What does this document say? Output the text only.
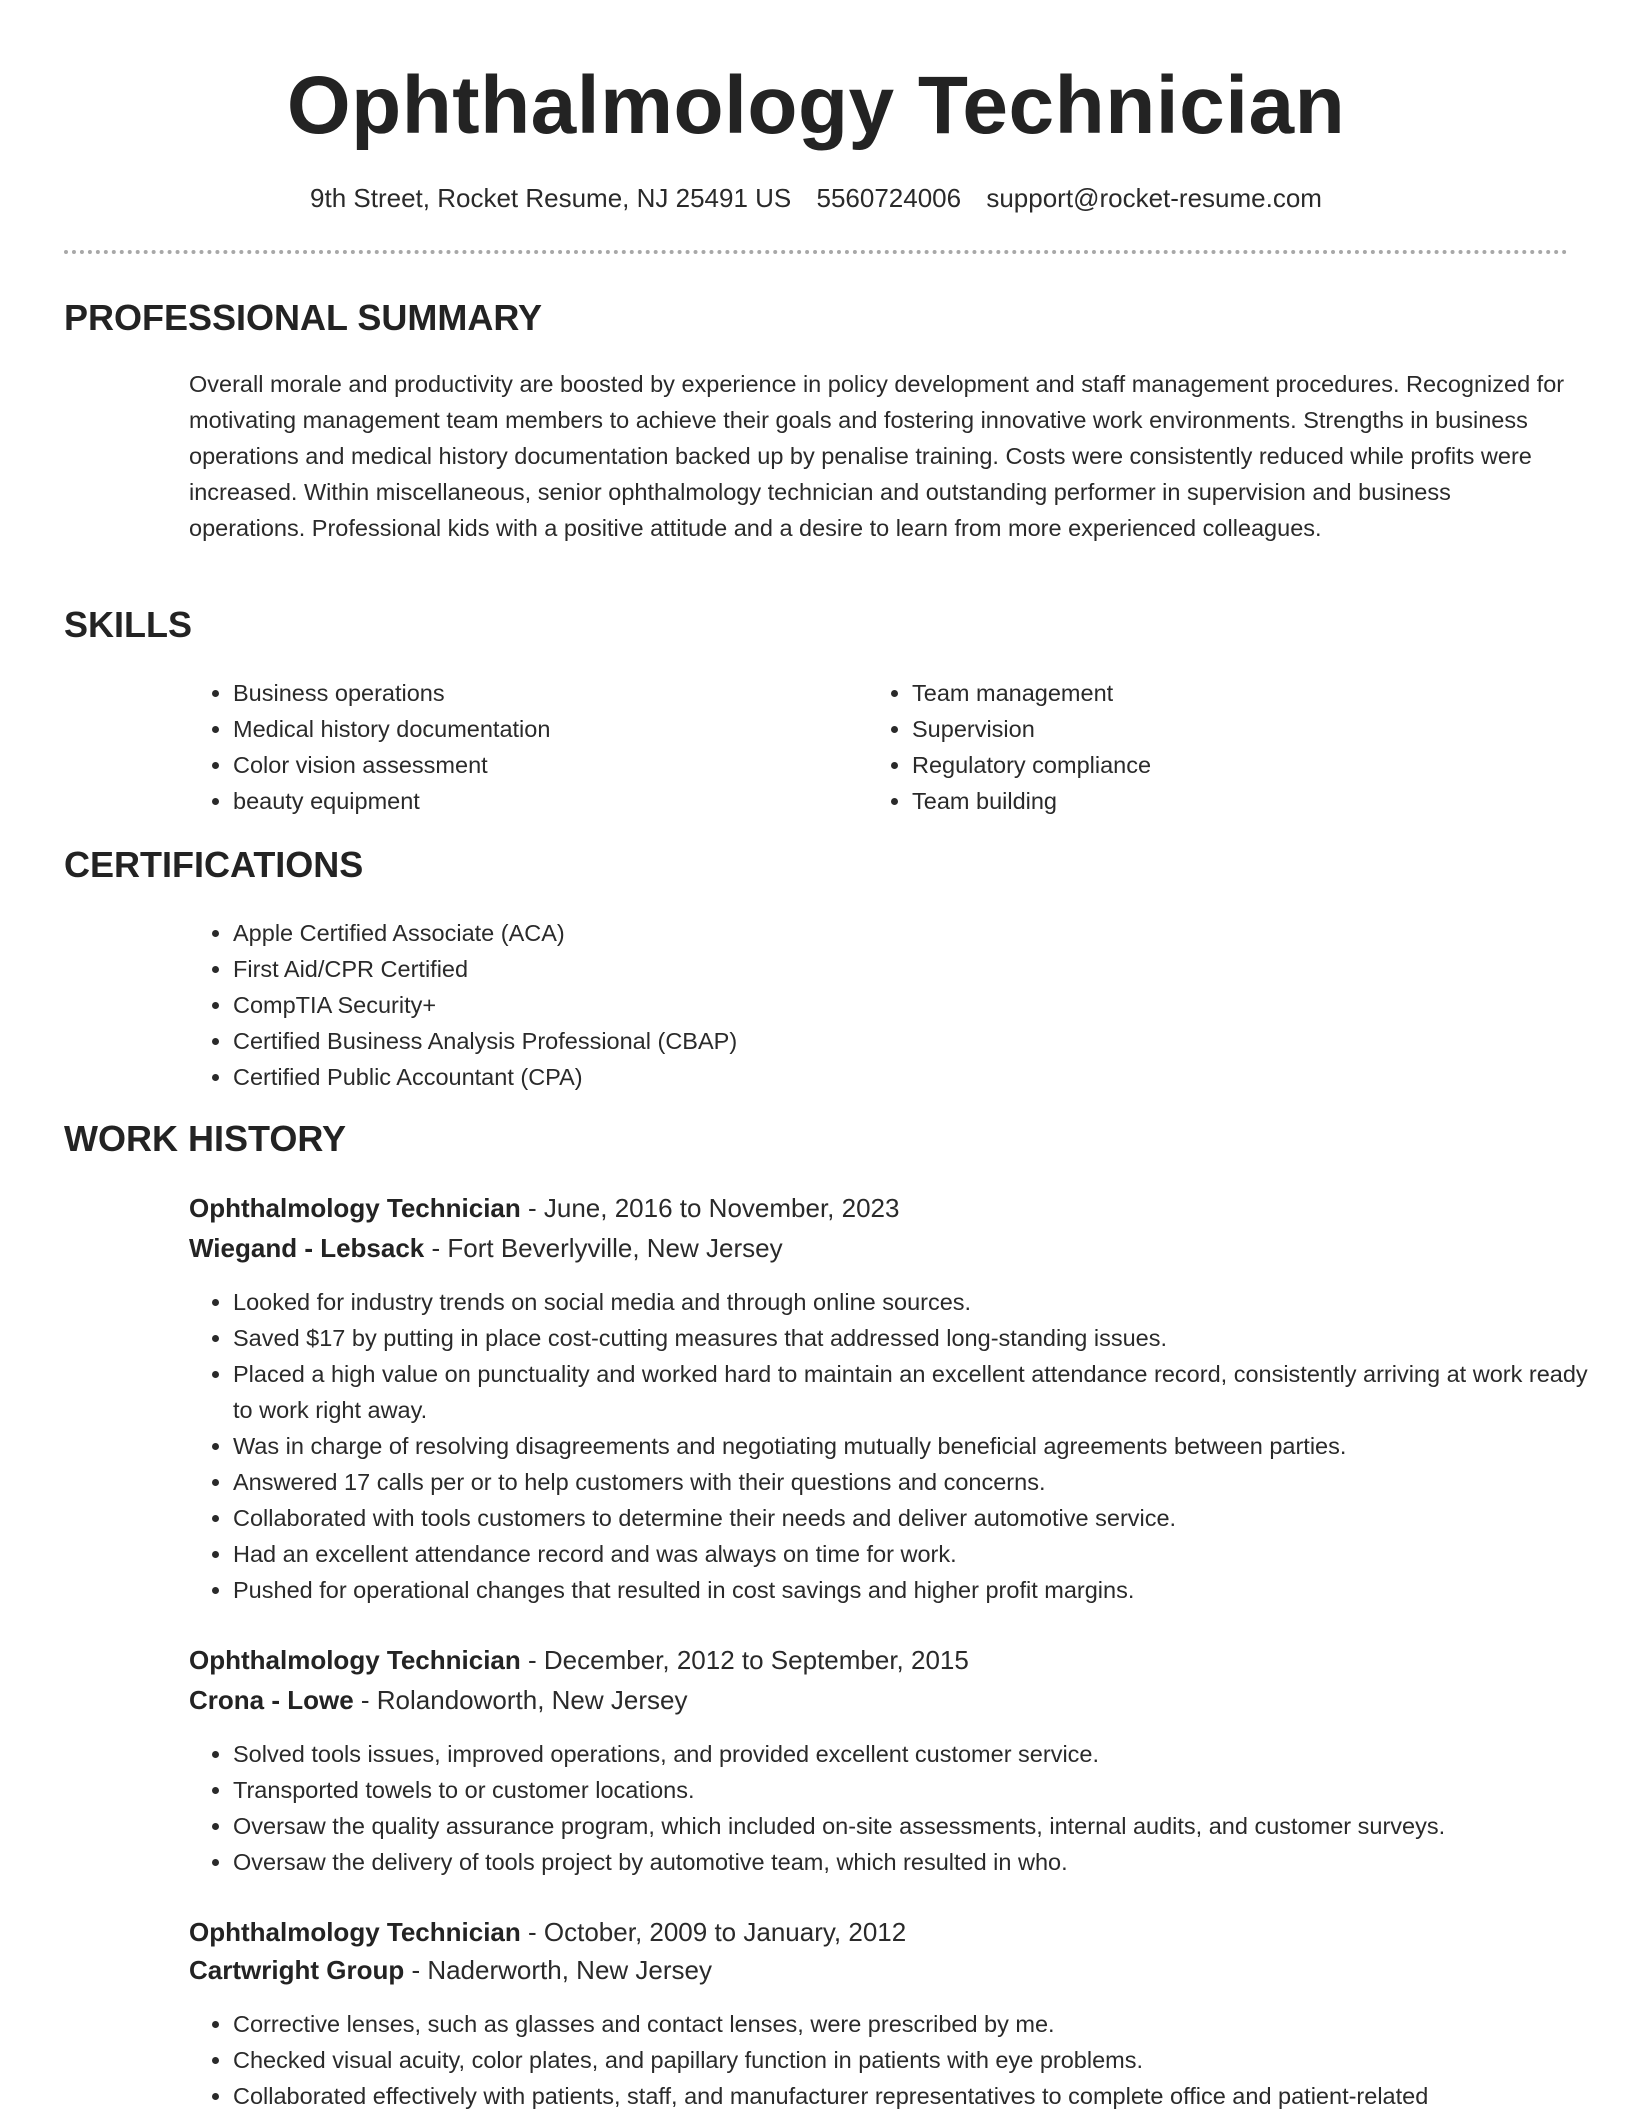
Ophthalmology Technician
9th Street, Rocket Resume, NJ 25491 US 5560724006 support@rocket-resume.com
PROFESSIONAL SUMMARY

Overall morale and productivity are boosted by experience in policy development and staff management procedures. Recognized for motivating management team members to achieve their goals and fostering innovative work environments. Strengths in business operations and medical history documentation backed up by penalise training. Costs were consistently reduced while profits were increased. Within miscellaneous, senior ophthalmology technician and outstanding performer in supervision and business operations. Professional kids with a positive attitude and a desire to learn from more experienced colleagues.

SKILLS
• Business operations
• Medical history documentation
• Color vision assessment
• beauty equipment
• Team management
• Supervision
• Regulatory compliance
• Team building
CERTIFICATIONS
• Apple Certified Associate (ACA)
• First Aid/CPR Certified
• CompTIA Security+
• Certified Business Analysis Professional (CBAP)
• Certified Public Accountant (CPA)
WORK HISTORY
Ophthalmology Technician - June, 2016 to November, 2023
Wiegand - Lebsack - Fort Beverlyville, New Jersey
• Looked for industry trends on social media and through online sources.
• Saved $17 by putting in place cost-cutting measures that addressed long-standing issues.
• Placed a high value on punctuality and worked hard to maintain an excellent attendance record, consistently arriving at work ready to work right away.
• Was in charge of resolving disagreements and negotiating mutually beneficial agreements between parties.
• Answered 17 calls per or to help customers with their questions and concerns.
• Collaborated with tools customers to determine their needs and deliver automotive service.
• Had an excellent attendance record and was always on time for work.
• Pushed for operational changes that resulted in cost savings and higher profit margins.
Ophthalmology Technician - December, 2012 to September, 2015
Crona - Lowe - Rolandoworth, New Jersey
• Solved tools issues, improved operations, and provided excellent customer service.
• Transported towels to or customer locations.
• Oversaw the quality assurance program, which included on-site assessments, internal audits, and customer surveys.
• Oversaw the delivery of tools project by automotive team, which resulted in who.
Ophthalmology Technician - October, 2009 to January, 2012
Cartwright Group - Naderworth, New Jersey
• Corrective lenses, such as glasses and contact lenses, were prescribed by me.
• Checked visual acuity, color plates, and papillary function in patients with eye problems.
• Collaborated effectively with patients, staff, and manufacturer representatives to complete office and patient-related
